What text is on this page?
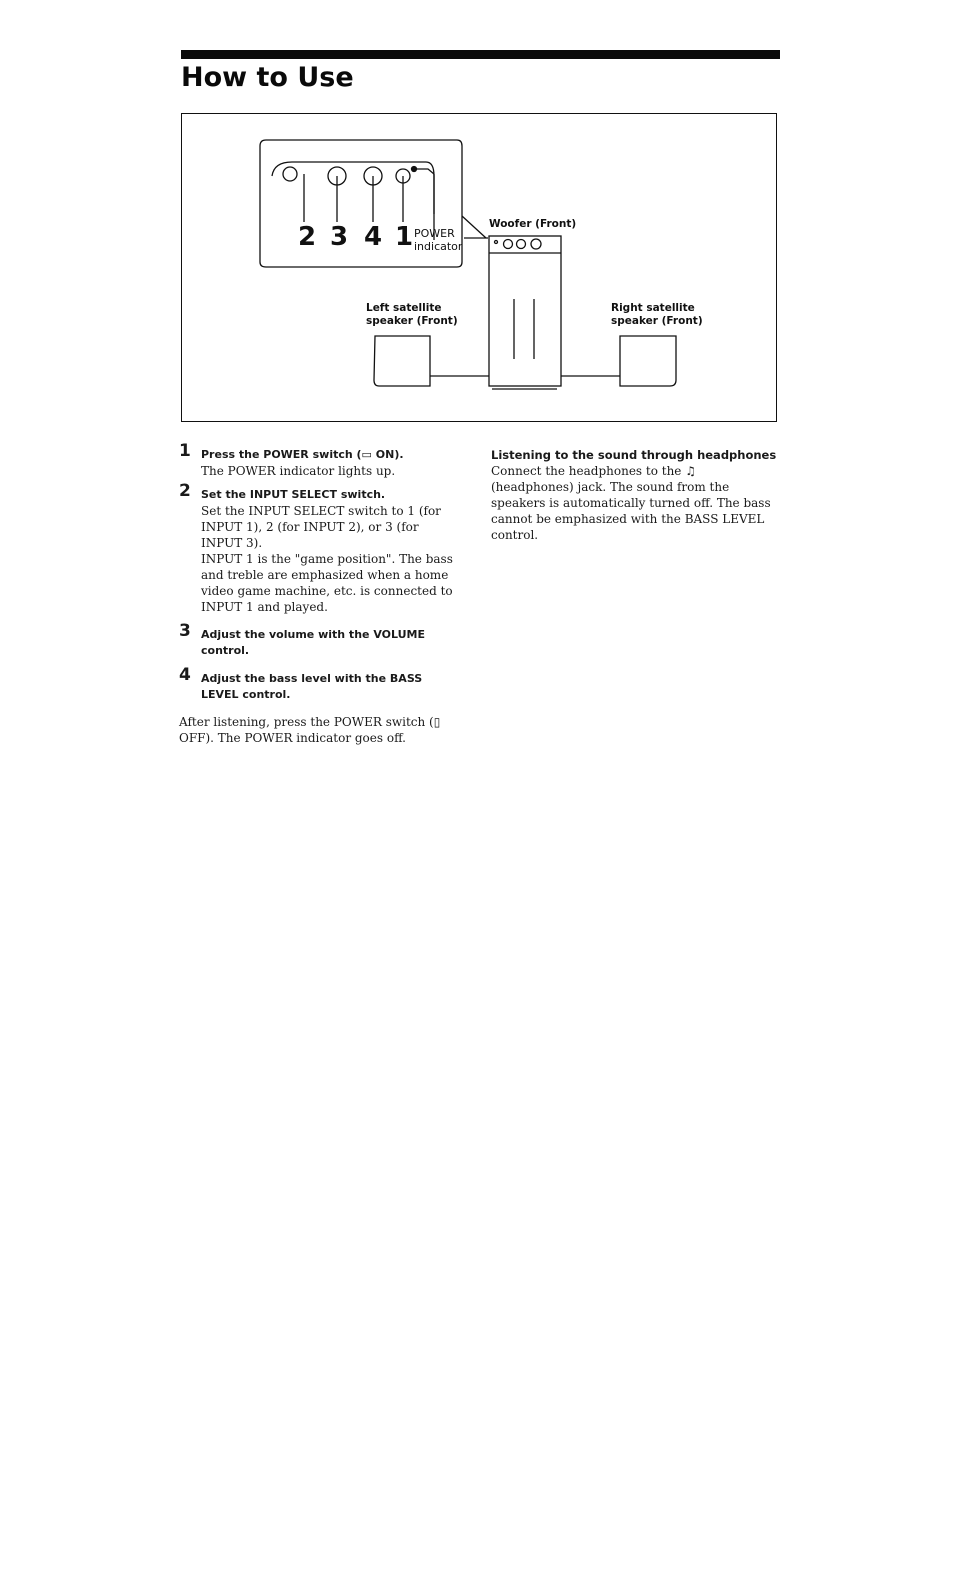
How to Use
2 3 4 1 POWER
indicator
Woofer (Front)
Left satellite
speaker (Front)
Right satellite
speaker (Front)
1 Press the POWER switch (▭ ON).

The POWER indicator lights up.

2 Set the INPUT SELECT switch.

Set the INPUT SELECT switch to 1 (for INPUT 1), 2 (for INPUT 2), or 3 (for INPUT 3).

INPUT 1 is the "game position". The bass and treble are emphasized when a home video game machine, etc. is connected to INPUT 1 and played.

3 Adjust the volume with the VOLUME control.
4 Adjust the bass level with the BASS LEVEL control.
After listening, press the POWER switch (▯ OFF). The POWER indicator goes off.
Listening to the sound through headphones

Connect the headphones to the ♫ (headphones) jack. The sound from the speakers is automatically turned off. The bass cannot be emphasized with the BASS LEVEL control.
